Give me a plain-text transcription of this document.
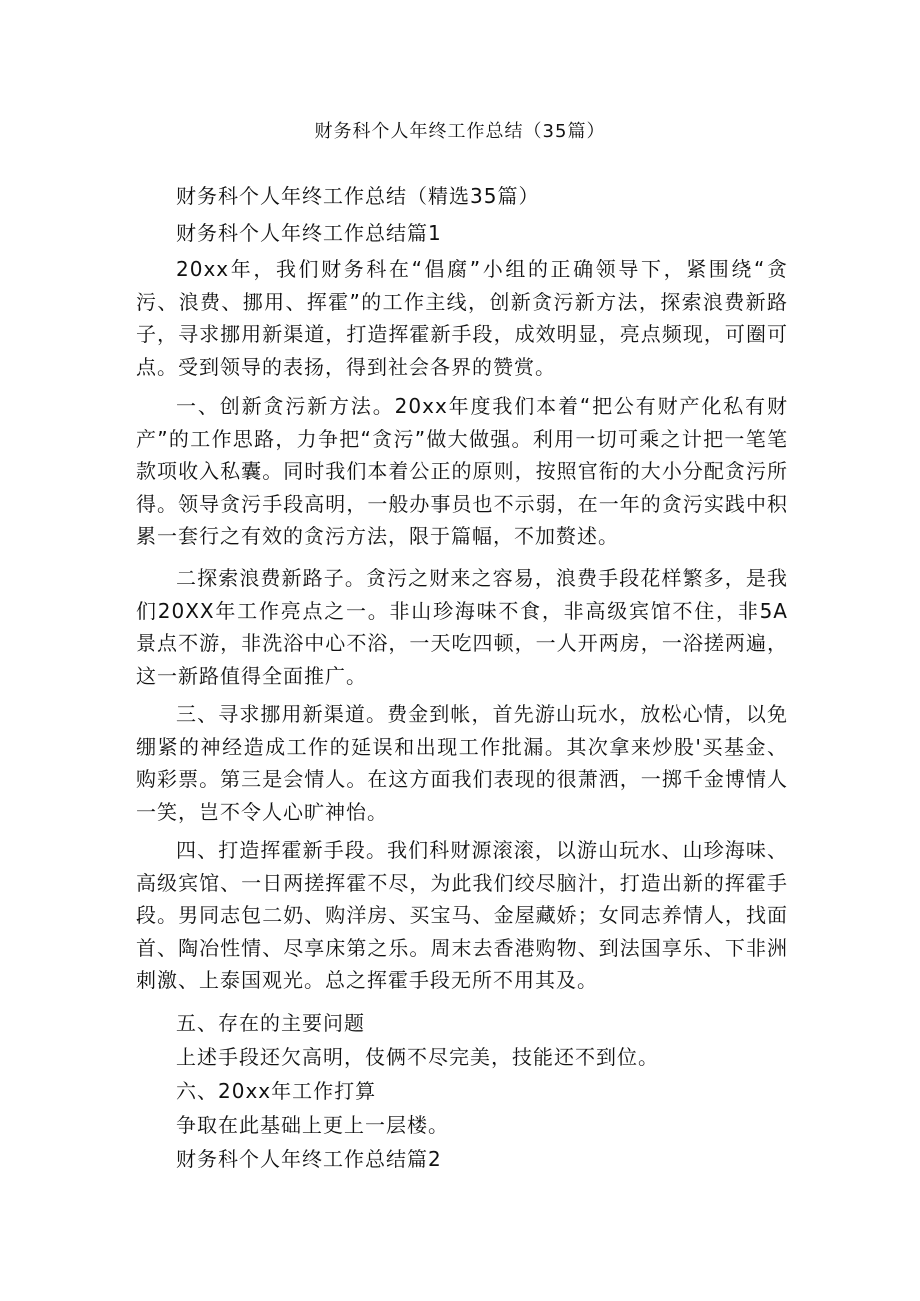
财务科个人年终工作总结（35篇）
财务科个人年终工作总结（精选35篇）
财务科个人年终工作总结篇1

20xx年，我们财务科在“倡腐”小组的正确领导下，紧围绕“贪污、浪费、挪用、挥霍”的工作主线，创新贪污新方法，探索浪费新路子，寻求挪用新渠道，打造挥霍新手段，成效明显，亮点频现，可圈可点。受到领导的表扬，得到社会各界的赞赏。

一、创新贪污新方法。20xx年度我们本着“把公有财产化私有财产”的工作思路，力争把“贪污”做大做强。利用一切可乘之计把一笔笔款项收入私囊。同时我们本着公正的原则，按照官衔的大小分配贪污所得。领导贪污手段高明，一般办事员也不示弱，在一年的贪污实践中积累一套行之有效的贪污方法，限于篇幅，不加赘述。

二探索浪费新路子。贪污之财来之容易，浪费手段花样繁多，是我们20XX年工作亮点之一。非山珍海味不食，非高级宾馆不住，非5A景点不游，非洗浴中心不浴，一天吃四顿，一人开两房，一浴搓两遍，这一新路值得全面推广。

三、寻求挪用新渠道。费金到帐，首先游山玩水，放松心情，以免绷紧的神经造成工作的延误和出现工作批漏。其次拿来炒股'买基金、购彩票。第三是会情人。在这方面我们表现的很萧洒，一掷千金博情人一笑，岂不令人心旷神怡。

四、打造挥霍新手段。我们科财源滚滚，以游山玩水、山珍海味、高级宾馆、一日两搓挥霍不尽，为此我们绞尽脑汁，打造出新的挥霍手段。男同志包二奶、购洋房、买宝马、金屋藏娇；女同志养情人，找面首、陶冶性情、尽享床第之乐。周末去香港购物、到法国享乐、下非洲刺激、上泰国观光。总之挥霍手段无所不用其及。

五、存在的主要问题
上述手段还欠高明，伎俩不尽完美，技能还不到位。
六、20xx年工作打算
争取在此基础上更上一层楼。
财务科个人年终工作总结篇2
